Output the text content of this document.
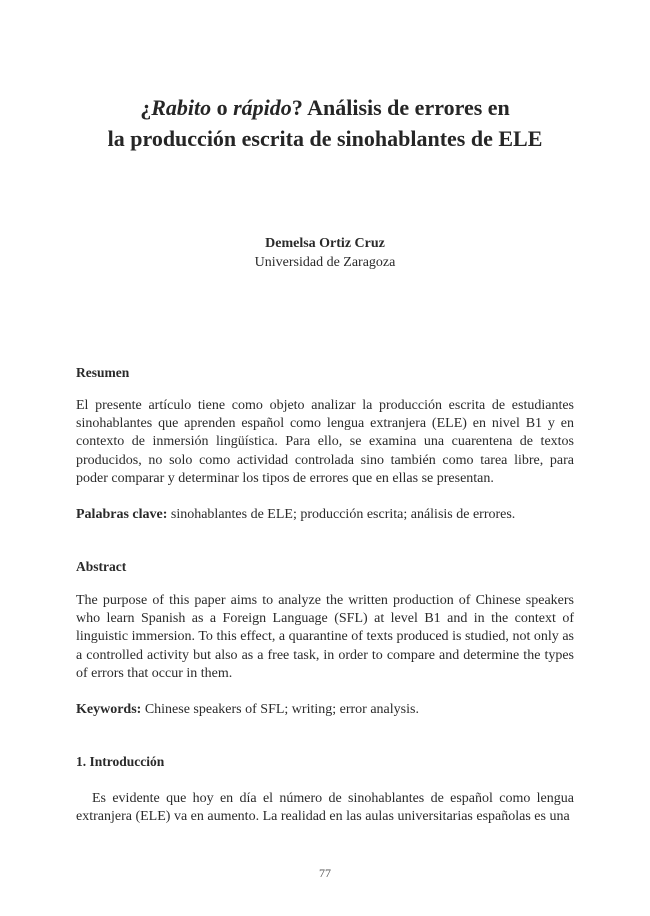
¿Rabito o rápido? Análisis de errores en
la producción escrita de sinohablantes de ELE
Demelsa Ortiz Cruz
Universidad de Zaragoza
Resumen
El presente artículo tiene como objeto analizar la producción escrita de estudiantes sinohablantes que aprenden español como lengua extranjera (ELE) en nivel B1 y en contexto de inmersión lingüística. Para ello, se examina una cuarentena de textos producidos, no solo como actividad controlada sino también como tarea libre, para poder comparar y determinar los tipos de errores que en ellas se presentan.
Palabras clave: sinohablantes de ELE; producción escrita; análisis de errores.
Abstract
The purpose of this paper aims to analyze the written production of Chinese speakers who learn Spanish as a Foreign Language (SFL) at level B1 and in the context of linguistic immersion. To this effect, a quarantine of texts produced is studied, not only as a controlled activity but also as a free task, in order to compare and determine the types of errors that occur in them.
Keywords: Chinese speakers of SFL; writing; error analysis.
1. Introducción
Es evidente que hoy en día el número de sinohablantes de español como lengua extranjera (ELE) va en aumento. La realidad en las aulas universitarias españolas es una
77
